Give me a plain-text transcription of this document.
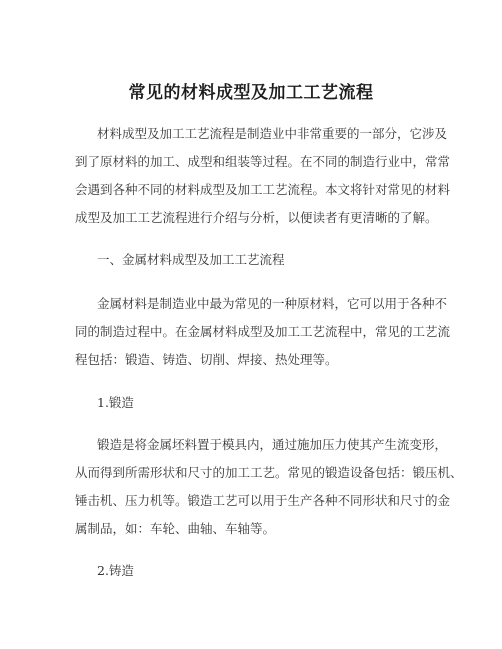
常见的材料成型及加工工艺流程
材料成型及加工工艺流程是制造业中非常重要的一部分，它涉及
到了原材料的加工、成型和组装等过程。在不同的制造行业中，常常
会遇到各种不同的材料成型及加工工艺流程。本文将针对常见的材料
成型及加工工艺流程进行介绍与分析，以便读者有更清晰的了解。
一、金属材料成型及加工工艺流程
金属材料是制造业中最为常见的一种原材料，它可以用于各种不
同的制造过程中。在金属材料成型及加工工艺流程中，常见的工艺流
程包括：锻造、铸造、切削、焊接、热处理等。
1.锻造
锻造是将金属坯料置于模具内，通过施加压力使其产生流变形，
从而得到所需形状和尺寸的加工工艺。常见的锻造设备包括：锻压机、
锤击机、压力机等。锻造工艺可以用于生产各种不同形状和尺寸的金
属制品，如：车轮、曲轴、车轴等。
2.铸造
